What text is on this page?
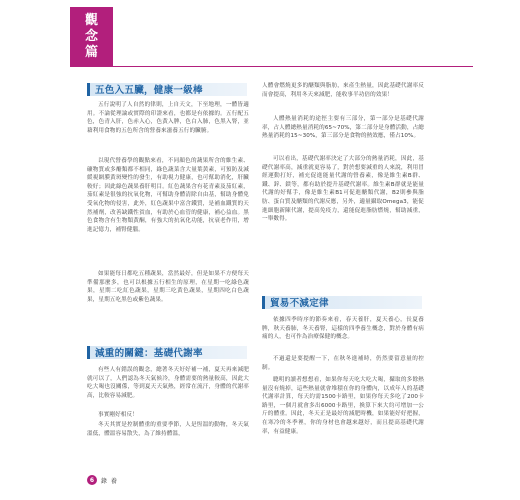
觀
念
篇
五色入五臟，健康一級棒
五行說明了人自然的律則，上自天文，下至地理，一體皆適用。不論從理論或實際的印證來看，也都是有依據的。五行配五色，色青入肝，色赤入心，色黃入脾，色白入肺，色黑入腎，並藉利用食物的五色所含的營養來滋養五行的臟腑。
以現代營養學的觀點來看，不同顏色的蔬果所含的維生素、礦物質或多醣類都不相同，綠色蔬菜含大量葉黃素，可預防及減緩視網膜黃斑變性的發生，有助視力健康，也可幫助消化，肝臟較好；因此綠色蔬果養肝明目。紅色蔬果含有花青素及茄紅素，茄紅素是很強的抗氧化物，可幫助身體清除自由基，幫助身體免受氧化物的侵害，此外，紅色蔬果中富含鐵質，是補血鐵質的天然補劑，改善缺鐵性貧血，有助於心血管的健康，補心益血。黑色食物含有生物類黃酮，有強大的抗氧化功能，抗衰老作用，增進記憶力，補腎健腦。
如果能每日都吃五種蔬果，當然最好，但是如果不方便每天準備那麼多，也可以根據五行相生的原理，在星期一吃綠色蔬果，星期二吃紅色蔬果，星期三吃黃色蔬果，星期四吃白色蔬果，星期五吃黑色或紫色蔬果。
減重的關鍵：基礎代謝率
有些人有錯誤的觀念，總著冬天好好補一補，夏天再來減肥就可以了，人們認為冬天氣候冷，身體需要的熱量較高，因此大吃大喝也沒關係，等到夏天天氣熱，經常在流汗，身體的代謝率高，比較容易減肥。
事實剛好相反！
冬天其實是控制體重的重要季節，人是恆溫的動物，冬天氣溫低，體溫容易散失，為了維持體溫，
人體會燃燒更多的醣類與脂肪，來產生熱量，因此基礎代謝率反而會提高，利用冬天來減肥，能收事半功倍的效果！
人體熱量消耗的途徑主要有三部分，第一部分是基礎代謝率，占人體總熱量消耗的65~70%，第二部分是身體活動，占總熱量消耗的15~30%，第三部分是食物的熱效應，僅占10%。
可以看出，基礎代謝率決定了大部分的熱量消耗，因此，基礎代謝率高，減重就更容易了，對於想要減重的人來說，利用冒經運動打好，補充促進能量代謝的營養素，像是維生素B群、鐵、鋅、鎂等，都有助於提升基礎代謝率。維生素B群就是能量代謝的好幫手，像是維生素B1可促進醣類代謝，B2則參與脂肪、蛋白質及醣類的代謝反應，另外，適量攝取Omega3，能促進細胞新陳代謝，提高免疫力，還能促進脂肪燃燒，幫助減重，一舉數得。
貿易不減定律
依據四季時序的節奏來看，春天養肝，夏天養心，長夏養脾，秋天養肺，冬天養腎，這樣的四季養生概念，對於身體有病痛的人，也可作為治療保健的概念。
不過還是要提醒一下，在秋冬進補時，仍然要留意量的控制。
聰明的讀者想想看，如果你每天吃大吃大喝，攝取的多餘熱量沒有燒掉，這些熱量就會堆積在你的身體內，以成年人的基礎代謝率計算，每天約需1500卡路里，如果你每天多吃了200卡路里，一個月就會多出6000卡路里，換算下來大約可增加一公斤的體重。因此，冬天正是最好的減肥時機，如果能好好把握，在寒冷的冬季裡，你的身材也會越來越好，而且提高基礎代謝率，有益健康。
6	錄 養
